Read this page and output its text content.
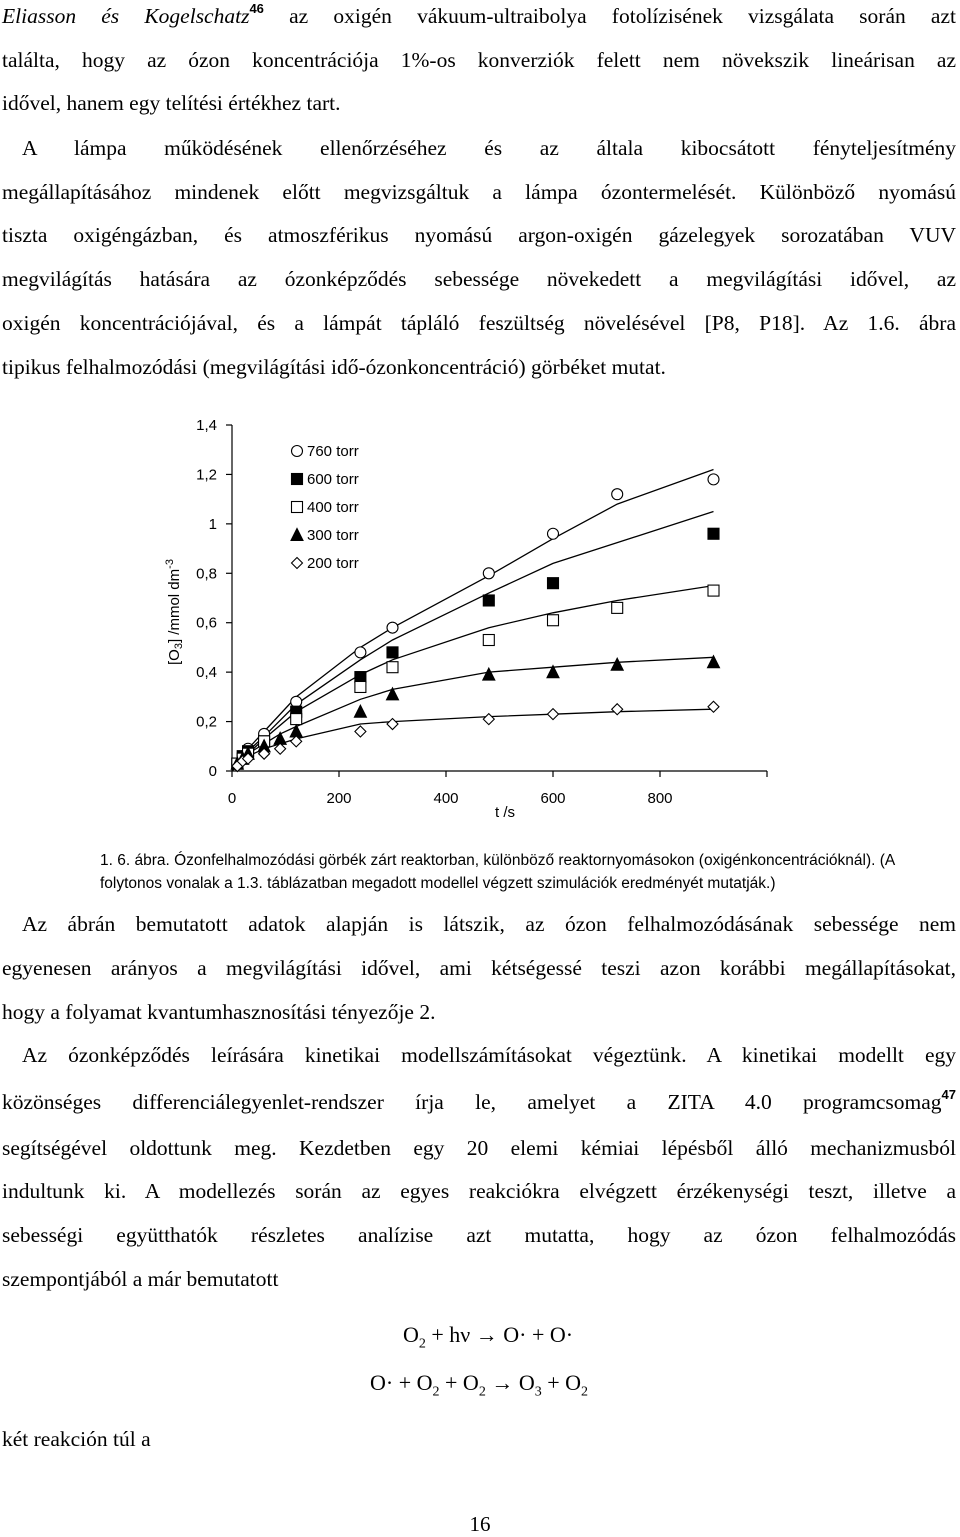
Eliasson és Kogelschatz$^{46}$ az oxigén vákuum-ultraibolya fotolízisének vizsgálata során azt
találta, hogy az ózon koncentrációja 1%-os konverziók felett nem növekszik lineárisan az
idővel, hanem egy telítési értékhez tart.
A lámpa működésének ellenőrzéséhez és az általa kibocsátott fényteljesítmény
megállapításához mindenek előtt megvizsgáltuk a lámpa ózontermelését. Különböző nyomású
tiszta oxigéngázban, és atmoszférikus nyomású argon-oxigén gázelegyek sorozatában VUV
megvilágítás hatására az ózonképződés sebessége növekedett a megvilágítási idővel, az
oxigén koncentrációjával, és a lámpát tápláló feszültség növelésével [P8, P18]. Az 1.6. ábra
tipikus felhalmozódási (megvilágítási idő-ózonkoncentráció) görbéket mutat.
0
0,2
0,4
0,6
0,8
1
1,2
1,4
0	200	400	600	800
760 torr
600 torr
400 torr
300 torr
200 torr
$[O_3]$ /mmol $dm^{-3}$
t /s
1. 6. ábra. Ózonfelhalmozódási görbék zárt reaktorban, különböző reaktornyomásokon (oxigénkoncentrációknál). (A
folytonos vonalak a 1.3. táblázatban megadott modellel végzett szimulációk eredményét mutatják.)
Az ábrán bemutatott adatok alapján is látszik, az ózon felhalmozódásának sebessége nem
egyenesen arányos a megvilágítási idővel, ami kétségessé teszi azon korábbi megállapításokat,
hogy a folyamat kvantumhasznosítási tényezője 2.
Az ózonképződés leírására kinetikai modellszámításokat végeztünk. A kinetikai modellt egy
közönséges differenciálegyenlet-rendszer írja le, amelyet a ZITA 4.0 programcsomag$^{47}$
segítségével oldottunk meg. Kezdetben egy 20 elemi kémiai lépésből álló mechanizmusból
indultunk ki. A modellezés során az egyes reakciókra elvégzett érzékenységi teszt, illetve a
sebességi együtthatók részletes analízise azt mutatta, hogy az ózon felhalmozódás
szempontjából a már bemutatott
$O_2 + h\nu \to O\cdot + O\cdot$
$O\cdot + O_2 + O_2 \to O_3 + O_2$
két reakción túl a
16
